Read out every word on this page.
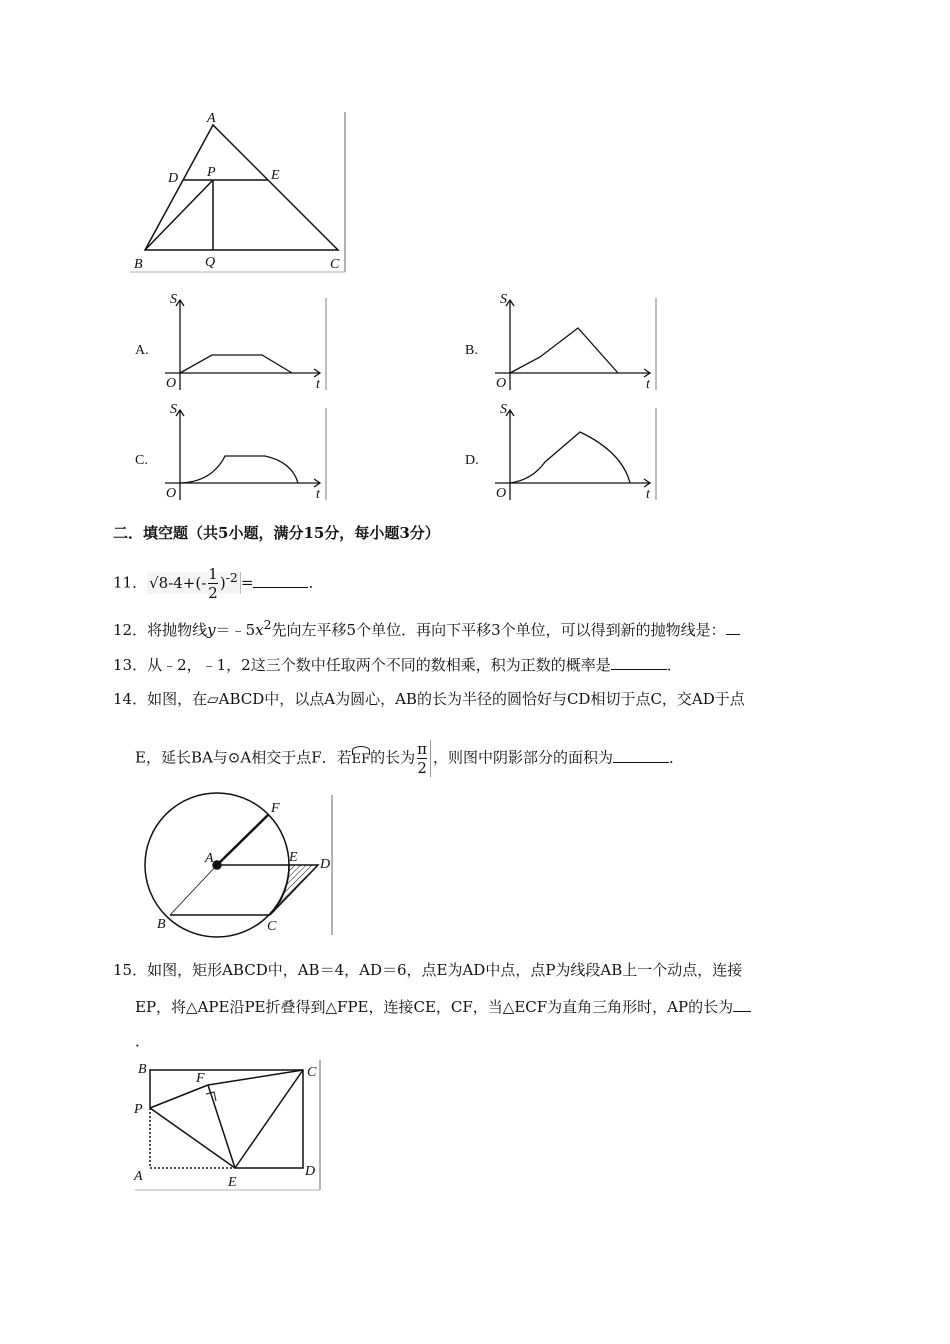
A
D P	E
B	Q	C
A.
S
t
O
B.
S
t
O
C.
S
t
O
D.
S
t
O
A
F
E D
B	C
B	C
F
P
A	E
D
二．填空题（共5小题，满分15分，每小题3分）
11． $√8-4+(- \frac{1}{2} )^{-2}$ =	．
12．将抛物线$y=﹣5x^2$先向左平移5个单位．再向下平移3个单位，可以得到新的抛物线是：
13．从﹣2，﹣1，2这三个数中任取两个不同的数相乘，积为正数的概率是	．
14．如图，在▱ABCD中，以点A为圆心，AB的长为半径的圆恰好与CD相切于点C，交AD于点
E，延长BA与⊙A相交于点F．若EF的长为 $\frac{\pi}{2}$ ，则图中阴影部分的面积为	．
15．如图，矩形ABCD中，AB＝4，AD＝6，点E为AD中点，点P为线段AB上一个动点，连接
EP，将△APE沿PE折叠得到△FPE，连接CE，CF，当△ECF为直角三角形时，AP的长为
．
